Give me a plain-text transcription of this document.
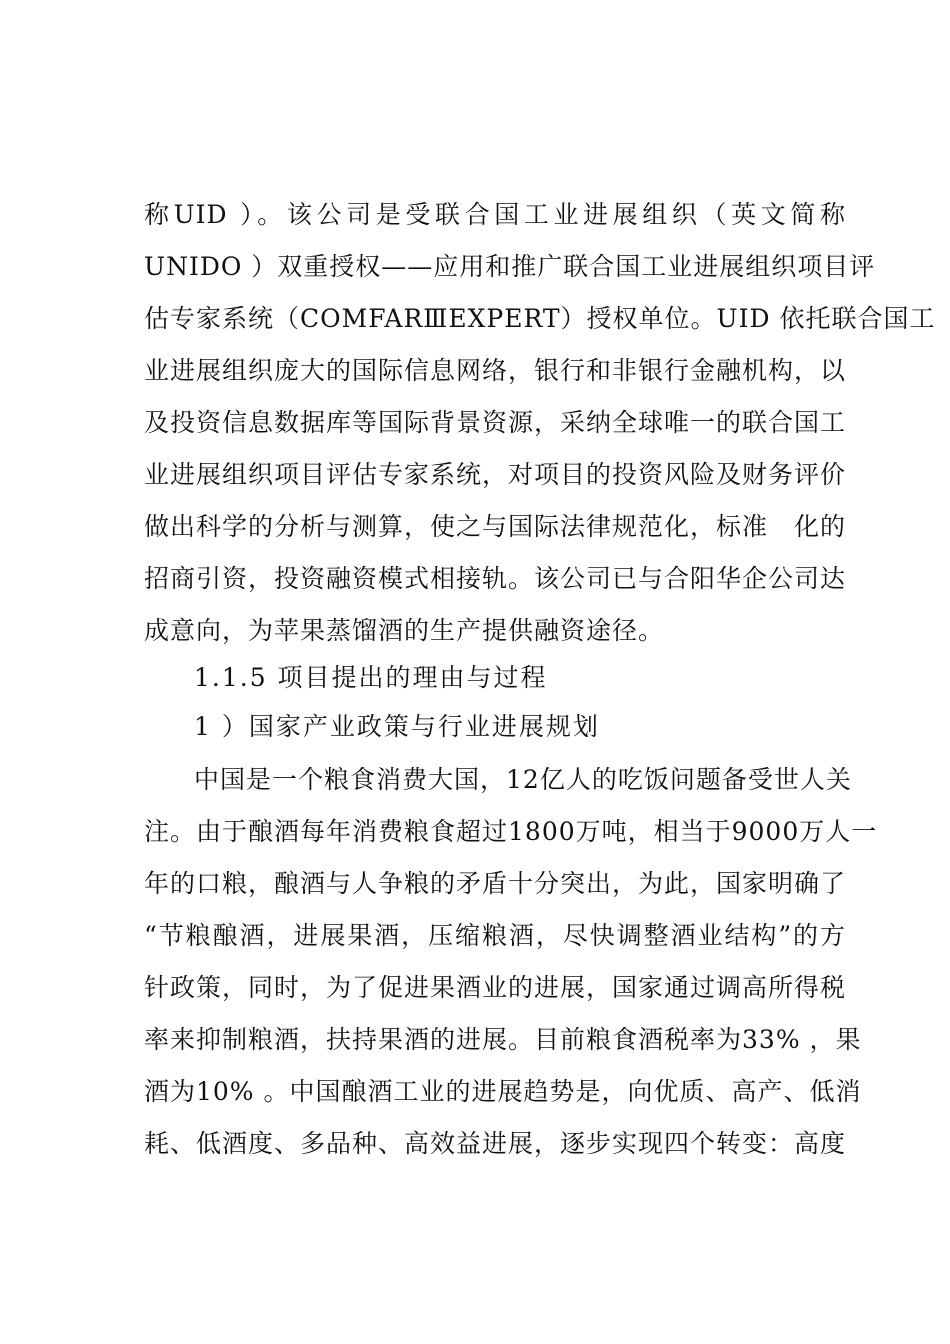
称UID ）。该公司是受联合国工业进展组织（英文简称
UNIDO ）双重授权——应用和推广联合国工业进展组织项目评
估专家系统（COMFARⅢEXPERT）授权单位。UID 依托联合国工
业进展组织庞大的国际信息网络，银行和非银行金融机构，以
及投资信息数据库等国际背景资源，采纳全球唯一的联合国工
业进展组织项目评估专家系统，对项目的投资风险及财务评价
做出科学的分析与测算，使之与国际法律规范化，标准　化的
招商引资，投资融资模式相接轨。该公司已与合阳华企公司达
成意向，为苹果蒸馏酒的生产提供融资途径。
1.1.5 项目提出的理由与过程
1 ）国家产业政策与行业进展规划
中国是一个粮食消费大国，12亿人的吃饭问题备受世人关
注。由于酿酒每年消费粮食超过1800万吨，相当于9000万人一
年的口粮，酿酒与人争粮的矛盾十分突出，为此，国家明确了
“节粮酿酒，进展果酒，压缩粮酒，尽快调整酒业结构”的方
针政策，同时，为了促进果酒业的进展，国家通过调高所得税
率来抑制粮酒，扶持果酒的进展。目前粮食酒税率为33% ，果
酒为10% 。中国酿酒工业的进展趋势是，向优质、高产、低消
耗、低酒度、多品种、高效益进展，逐步实现四个转变：高度
